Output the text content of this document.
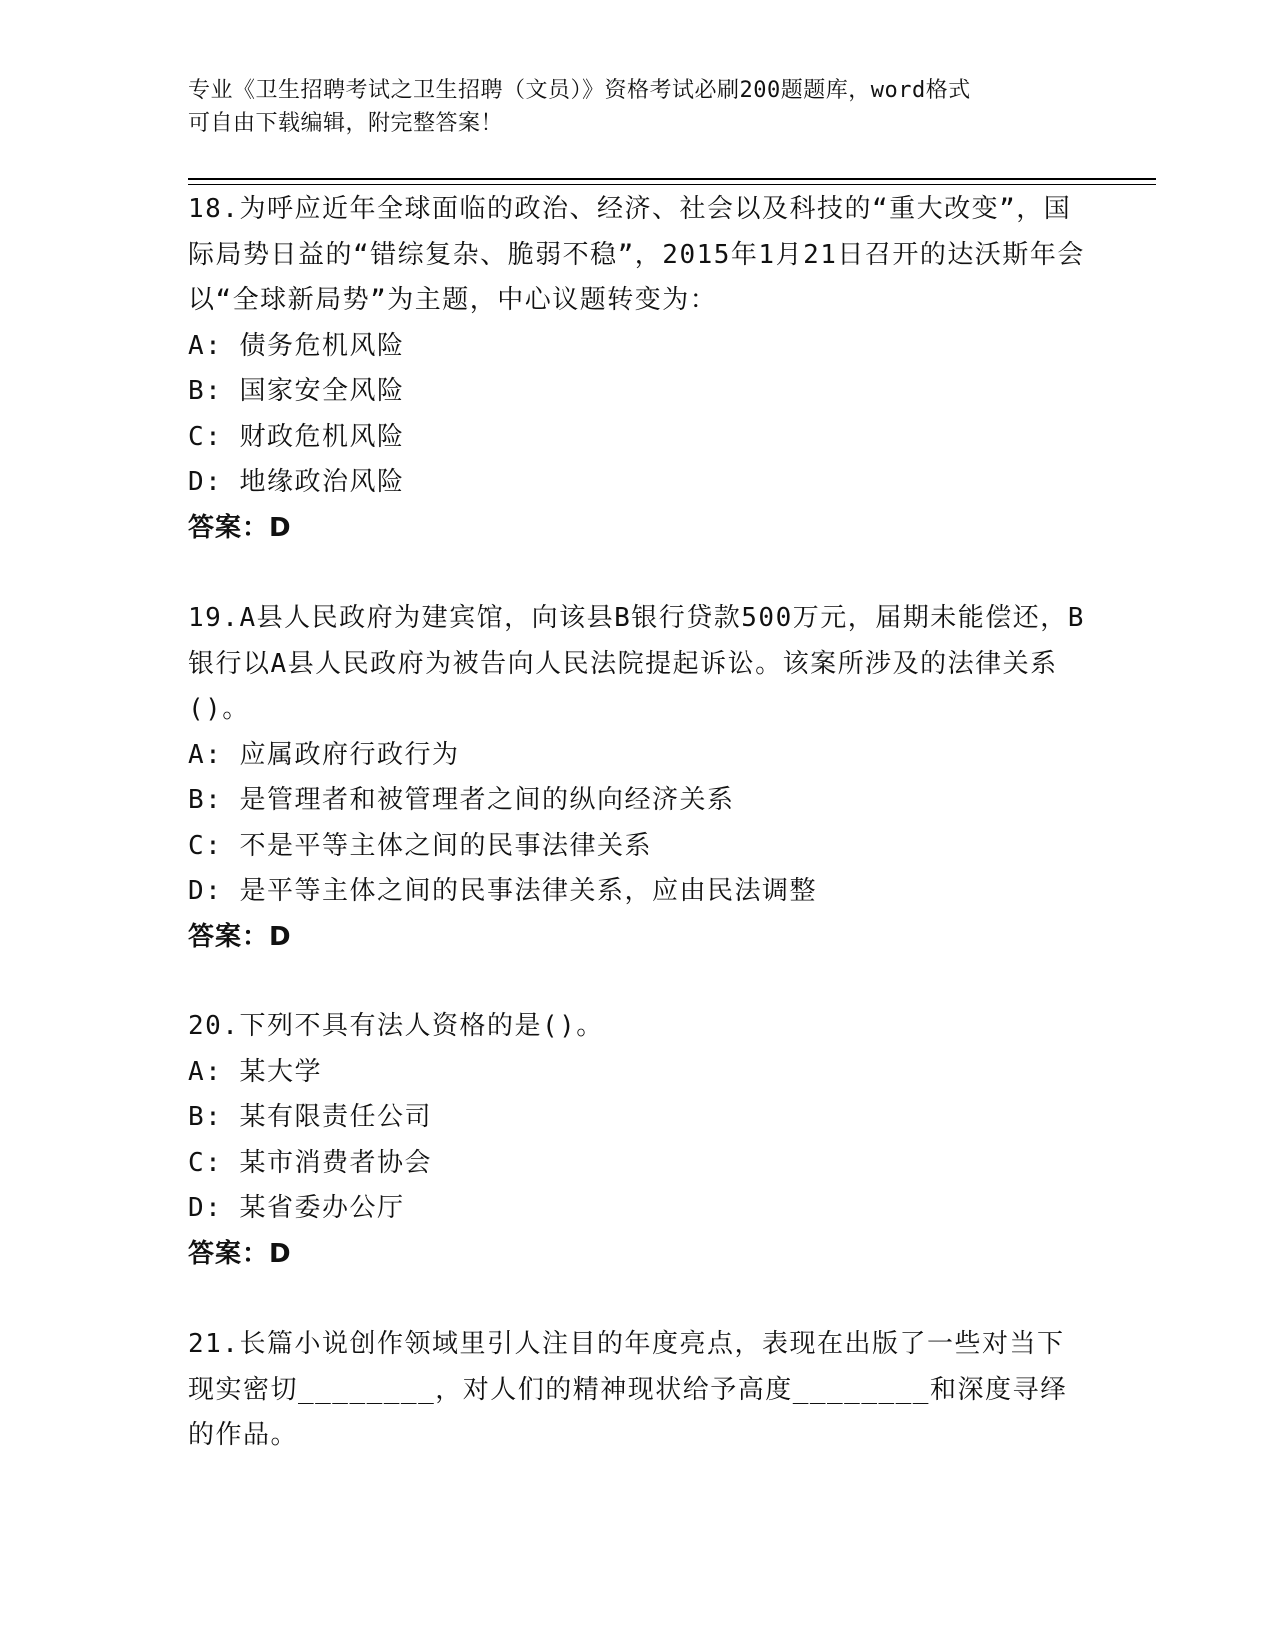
专业《卫生招聘考试之卫生招聘（文员）》资格考试必刷200题题库，word格式
可自由下载编辑，附完整答案！
18.为呼应近年全球面临的政治、经济、社会以及科技的“重大改变”，国际局势日益的“错综复杂、脆弱不稳”，2015年1月21日召开的达沃斯年会以“全球新局势”为主题，中心议题转变为：
A: 债务危机风险
B: 国家安全风险
C: 财政危机风险
D: 地缘政治风险
答案：D
19.A县人民政府为建宾馆，向该县B银行贷款500万元，届期未能偿还，B银行以A县人民政府为被告向人民法院提起诉讼。该案所涉及的法律关系()。
A: 应属政府行政行为
B: 是管理者和被管理者之间的纵向经济关系
C: 不是平等主体之间的民事法律关系
D: 是平等主体之间的民事法律关系，应由民法调整
答案：D
20.下列不具有法人资格的是()。
A: 某大学
B: 某有限责任公司
C: 某市消费者协会
D: 某省委办公厅
答案：D
21.长篇小说创作领域里引人注目的年度亮点，表现在出版了一些对当下现实密切________，对人们的精神现状给予高度________和深度寻绎的作品。
